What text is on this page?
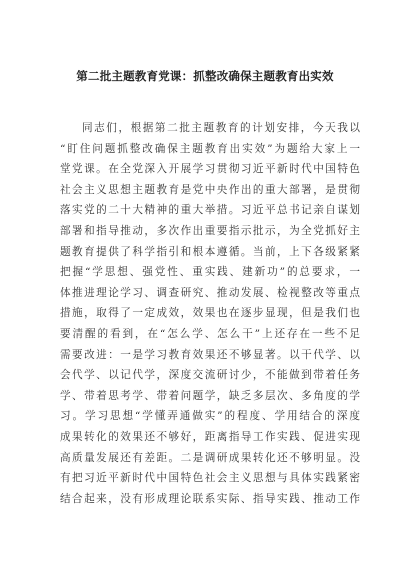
第二批主题教育党课：抓整改确保主题教育出实效
同志们，根据第二批主题教育的计划安排，今天我以
“盯住问题抓整改确保主题教育出实效”为题给大家上一
堂党课。在全党深入开展学习贯彻习近平新时代中国特色
社会主义思想主题教育是党中央作出的重大部署，是贯彻
落实党的二十大精神的重大举措。习近平总书记亲自谋划
部署和指导推动，多次作出重要指示批示，为全党抓好主
题教育提供了科学指引和根本遵循。当前，上下各级紧紧
把握“学思想、强党性、重实践、建新功”的总要求，一
体推进理论学习、调查研究、推动发展、检视整改等重点
措施，取得了一定成效，效果也在逐步显现，但是我们也
要清醒的看到，在“怎么学、怎么干”上还存在一些不足
需要改进：一是学习教育效果还不够显著。以干代学、以
会代学、以记代学，深度交流研讨少，不能做到带着任务
学、带着思考学、带着问题学，缺乏多层次、多角度的学
习。学习思想“学懂弄通做实”的程度、学用结合的深度
成果转化的效果还不够好，距离指导工作实践、促进实现
高质量发展还有差距。二是调研成果转化还不够明显。没
有把习近平新时代中国特色社会主义思想与具体实践紧密
结合起来，没有形成理论联系实际、指导实践、推动工作
